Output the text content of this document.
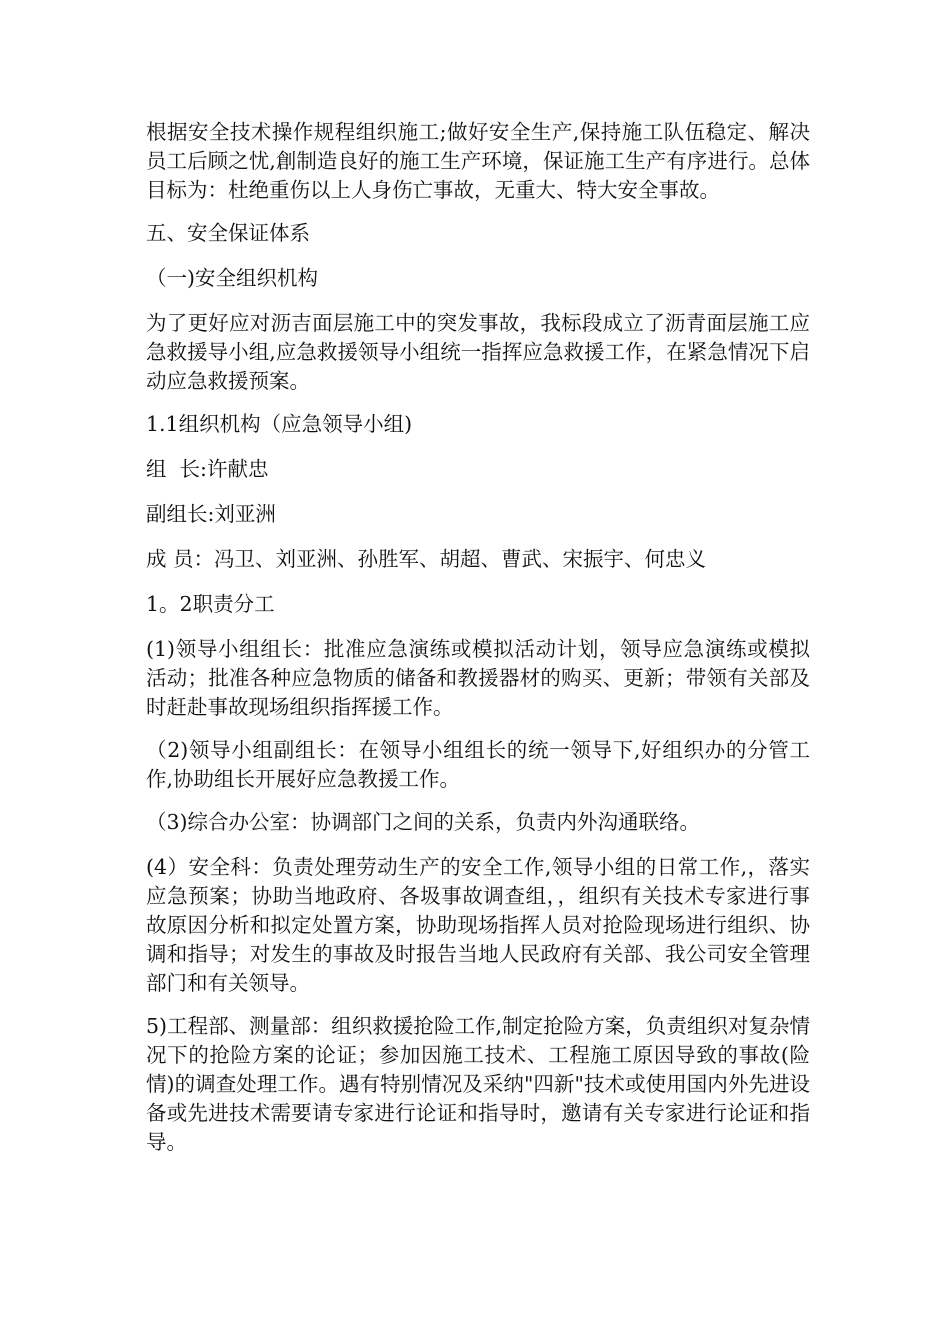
根据安全技术操作规程组织施工;做好安全生产,保持施工队伍稳定、解决员工后顾之忧,創制造良好的施工生产环境，保证施工生产有序进行。总体目标为：杜绝重伤以上人身伤亡事故，无重大、特大安全事故。

五、安全保证体系

（一)安全组织机构

为了更好应对沥吉面层施工中的突发事故，我标段成立了沥青面层施工应急救援导小组,应急救援领导小组统一指挥应急救援工作，在紧急情况下启动应急救援预案。

1.1组织机构（应急领导小组)

组  长:许献忠

副组长:刘亚洲

成 员：冯卫、刘亚洲、孙胜军、胡超、曹武、宋振宇、何忠义

1。2职责分工

(1)领导小组组长：批准应急演练或模拟活动计划，领导应急演练或模拟活动；批准各种应急物质的储备和教援器材的购买、更新；带领有关部及时赶赴事故现场组织指挥援工作。

（2)领导小组副组长：在领导小组组长的统一领导下,好组织办的分管工作,协助组长开展好应急教援工作。

（3)综合办公室：协调部门之间的关系，负责内外沟通联络。

(4）安全科：负责处理劳动生产的安全工作,领导小组的日常工作,，落实应急预案；协助当地政府、各圾事故调查组，，组织有关技术专家进行事故原因分析和拟定处置方案，协助现场指挥人员对抢险现场进行组织、协调和指导；对发生的事故及时报告当地人民政府有关部、我公司安全管理部门和有关领导。

5)工程部、测量部：组织救援抢险工作,制定抢险方案，负责组织对复杂情况下的抢险方案的论证；参加因施工技术、工程施工原因导致的事故(险情)的调查处理工作。遇有特别情况及采纳"四新"技术或使用国内外先进设备或先进技术需要请专家进行论证和指导时，邀请有关专家进行论证和指导。
